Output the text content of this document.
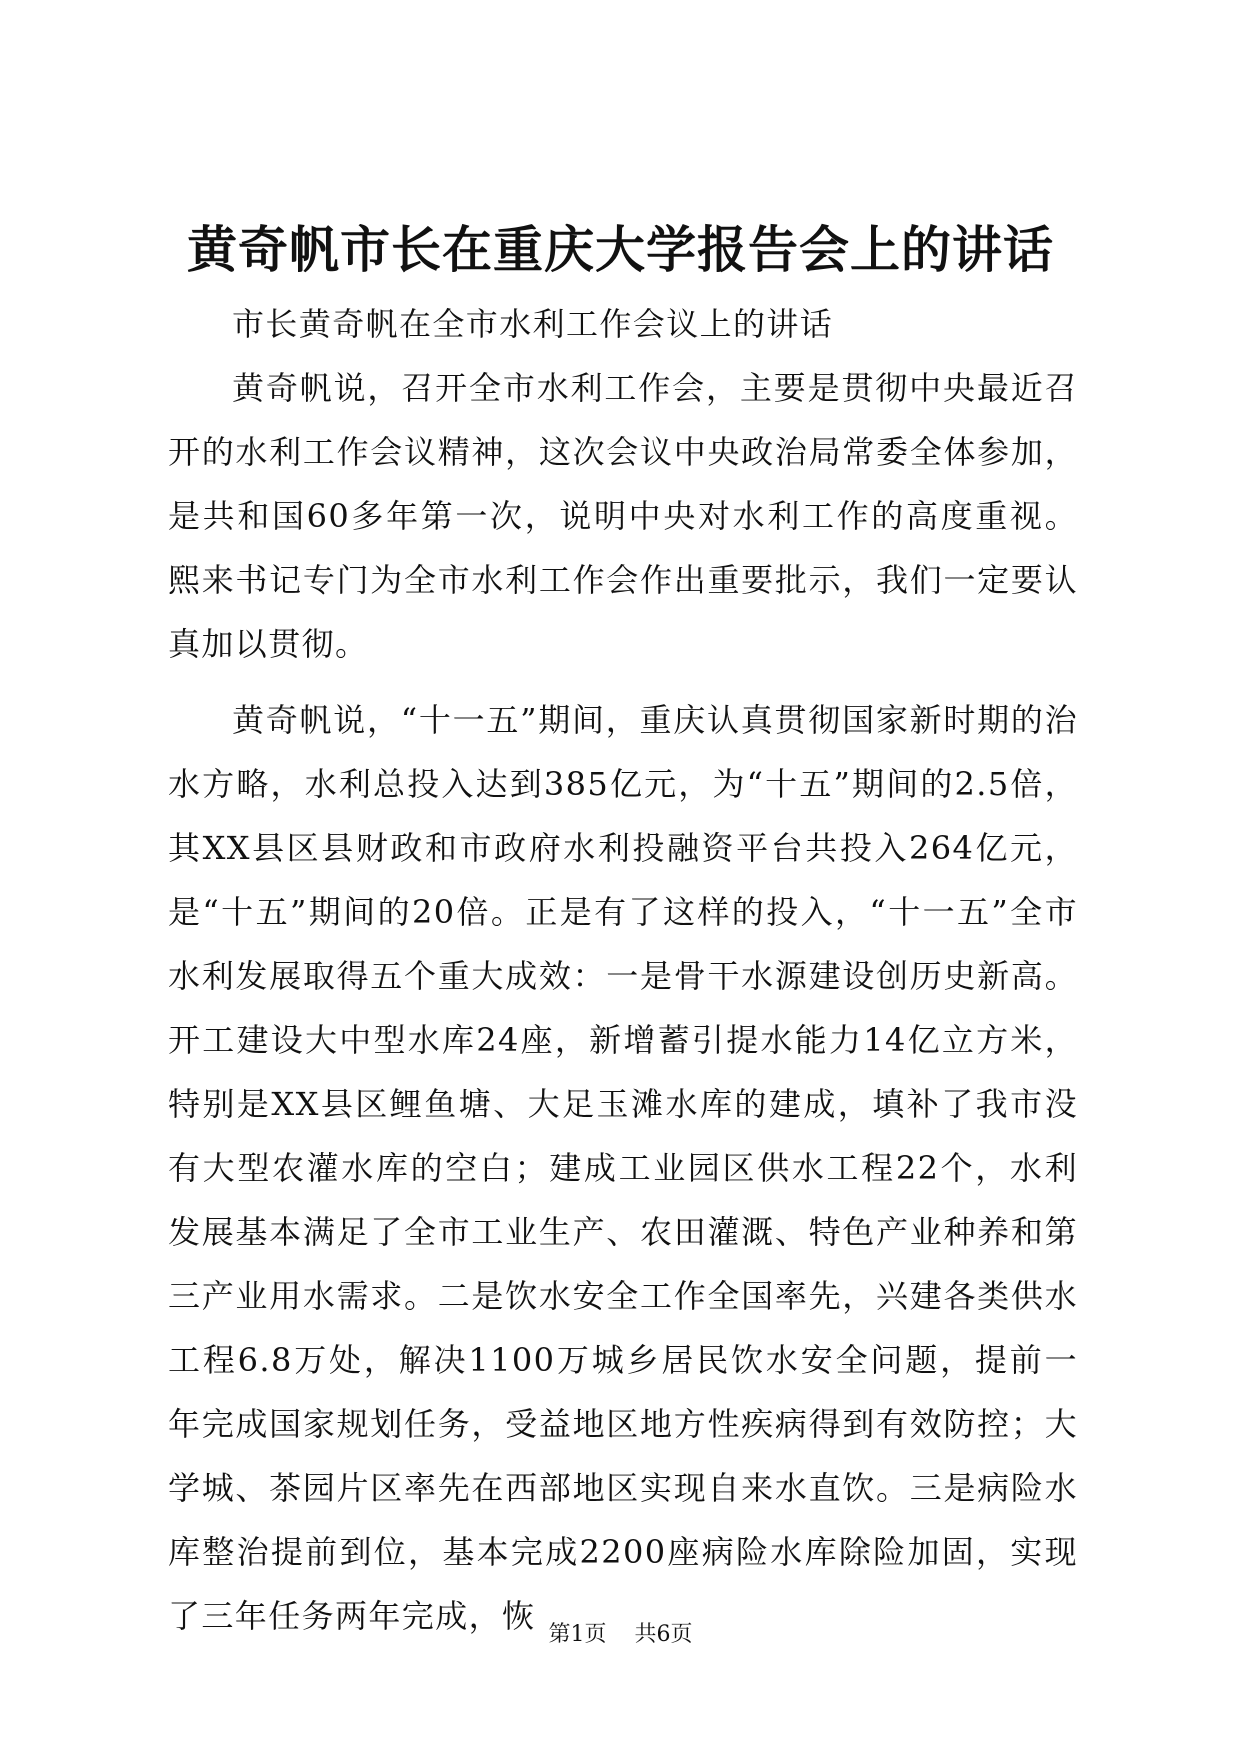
黄奇帆市长在重庆大学报告会上的讲话

市长黄奇帆在全市水利工作会议上的讲话

黄奇帆说，召开全市水利工作会，主要是贯彻中央最近召开的水利工作会议精神，这次会议中央政治局常委全体参加，是共和国60多年第一次，说明中央对水利工作的高度重视。熙来书记专门为全市水利工作会作出重要批示，我们一定要认真加以贯彻。

黄奇帆说，“十一五”期间，重庆认真贯彻国家新时期的治水方略，水利总投入达到385亿元，为“十五”期间的2.5倍，其XX县区县财政和市政府水利投融资平台共投入264亿元，是“十五”期间的20倍。正是有了这样的投入，“十一五”全市水利发展取得五个重大成效：一是骨干水源建设创历史新高。开工建设大中型水库24座，新增蓄引提水能力14亿立方米，特别是XX县区鲤鱼塘、大足玉滩水库的建成，填补了我市没有大型农灌水库的空白；建成工业园区供水工程22个，水利发展基本满足了全市工业生产、农田灌溉、特色产业种养和第三产业用水需求。二是饮水安全工作全国率先，兴建各类供水工程6.8万处，解决1100万城乡居民饮水安全问题，提前一年完成国家规划任务，受益地区地方性疾病得到有效防控；大学城、茶园片区率先在西部地区实现自来水直饮。三是病险水库整治提前到位，基本完成2200座病险水库除险加固，实现了三年任务两年完成，恢 第1页 共6页
